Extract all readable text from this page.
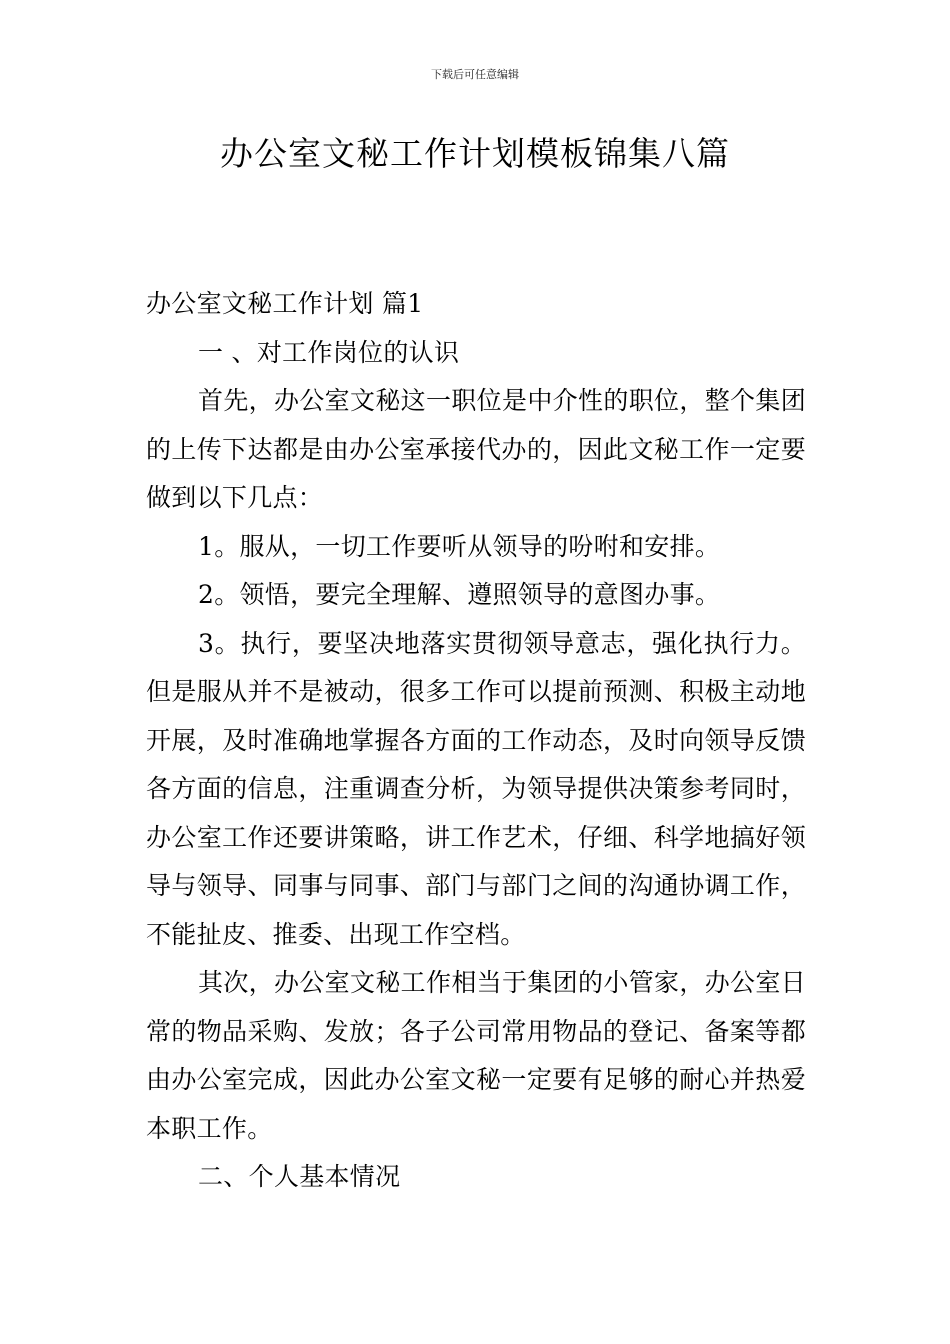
下载后可任意编辑
办公室文秘工作计划模板锦集八篇

办公室文秘工作计划 篇1

一 、对工作岗位的认识

首先，办公室文秘这一职位是中介性的职位，整个集团的上传下达都是由办公室承接代办的，因此文秘工作一定要做到以下几点：

1。服从，一切工作要听从领导的吩咐和安排。

2。领悟，要完全理解、遵照领导的意图办事。

3。执行，要坚决地落实贯彻领导意志，强化执行力。但是服从并不是被动，很多工作可以提前预测、积极主动地开展，及时准确地掌握各方面的工作动态，及时向领导反馈各方面的信息，注重调查分析，为领导提供决策参考同时，办公室工作还要讲策略，讲工作艺术，仔细、科学地搞好领导与领导、同事与同事、部门与部门之间的沟通协调工作，不能扯皮、推委、出现工作空档。

其次，办公室文秘工作相当于集团的小管家，办公室日常的物品采购、发放；各子公司常用物品的登记、备案等都由办公室完成，因此办公室文秘一定要有足够的耐心并热爱本职工作。

二、个人基本情况
